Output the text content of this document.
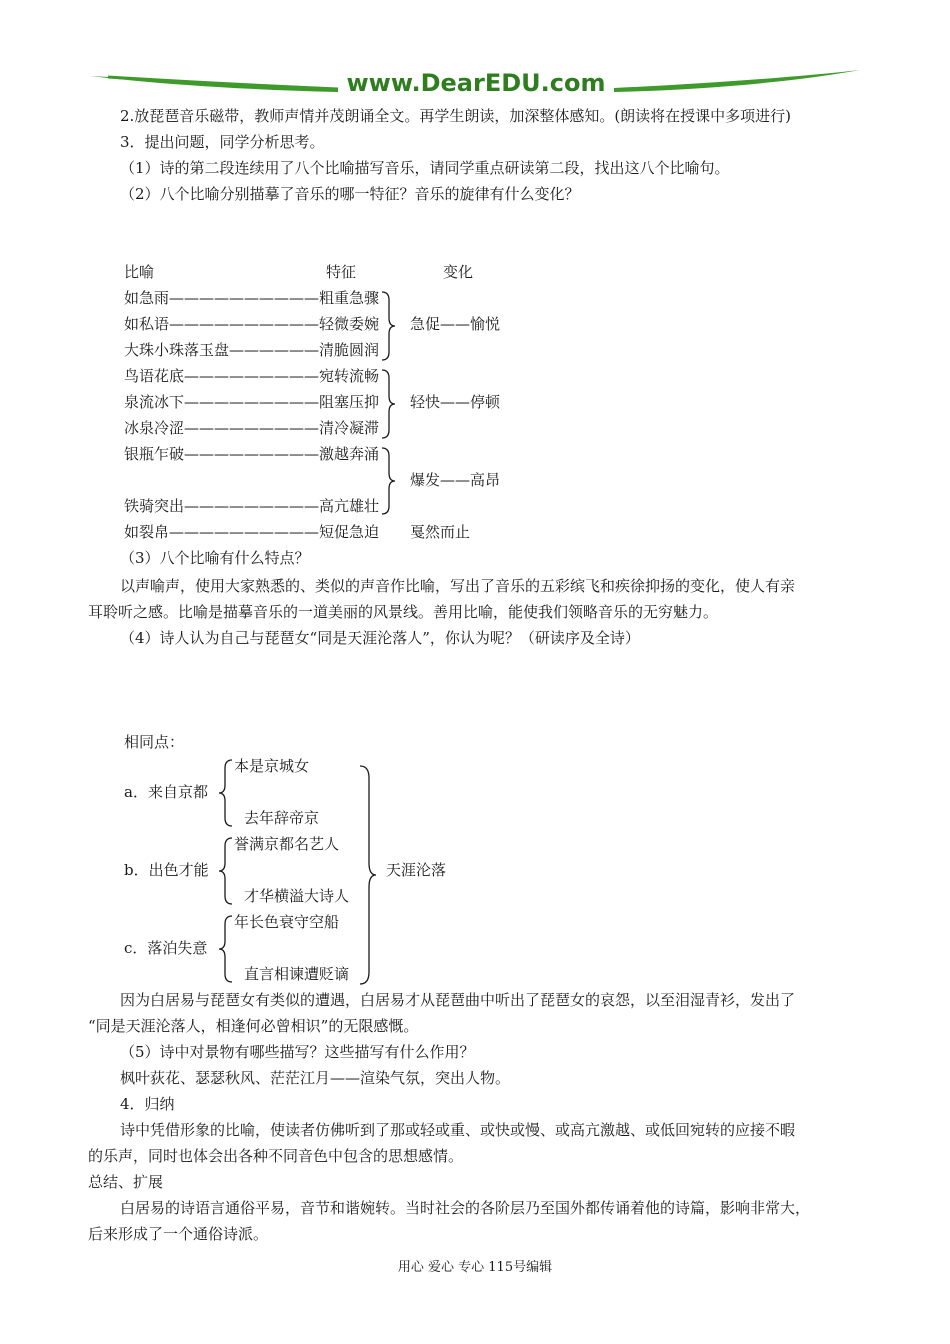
www.DearEDU.com
2.放琵琶音乐磁带，教师声情并茂朗诵全文。再学生朗读，加深整体感知。(朗读将在授课中多项进行)
3．提出问题，同学分析思考。
（1）诗的第二段连续用了八个比喻描写音乐，请同学重点研读第二段，找出这八个比喻句。
（2）八个比喻分别描摹了音乐的哪一特征？音乐的旋律有什么变化？
比喻	特征	变化
如急雨——————————粗重急骤
如私语——————————轻微委婉
大珠小珠落玉盘——————清脆圆润
鸟语花底—————————宛转流畅
泉流冰下—————————阻塞压抑
冰泉冷涩—————————清冷凝滞
银瓶乍破—————————激越奔涌
铁骑突出—————————高亢雄壮
如裂帛——————————短促急迫
急促——愉悦
轻快——停顿
爆发——高昂
戛然而止
（3）八个比喻有什么特点？
以声喻声，使用大家熟悉的、类似的声音作比喻，写出了音乐的五彩缤飞和疾徐抑扬的变化，使人有亲
耳聆听之感。比喻是描摹音乐的一道美丽的风景线。善用比喻，能使我们领略音乐的无穷魅力。
（4）诗人认为自己与琵琶女“同是天涯沦落人”，你认为呢？（研读序及全诗）
相同点：
a．来自京都
本是京城女
去年辞帝京
b．出色才能
誉满京都名艺人
才华横溢大诗人
c．落泊失意
年长色衰守空船
直言相谏遭贬谪
天涯沦落
因为白居易与琵琶女有类似的遭遇，白居易才从琵琶曲中听出了琵琶女的哀怨，以至泪湿青衫，发出了
“同是天涯沦落人，相逢何必曾相识”的无限感慨。
（5）诗中对景物有哪些描写？这些描写有什么作用？
枫叶荻花、瑟瑟秋风、茫茫江月——渲染气氛，突出人物。
4．归纳
诗中凭借形象的比喻，使读者仿佛听到了那或轻或重、或快或慢、或高亢激越、或低回宛转的应接不暇
的乐声，同时也体会出各种不同音色中包含的思想感情。
总结、扩展
白居易的诗语言通俗平易，音节和谐婉转。当时社会的各阶层乃至国外都传诵着他的诗篇，影响非常大，
后来形成了一个通俗诗派。
用心 爱心 专心 115号编辑
